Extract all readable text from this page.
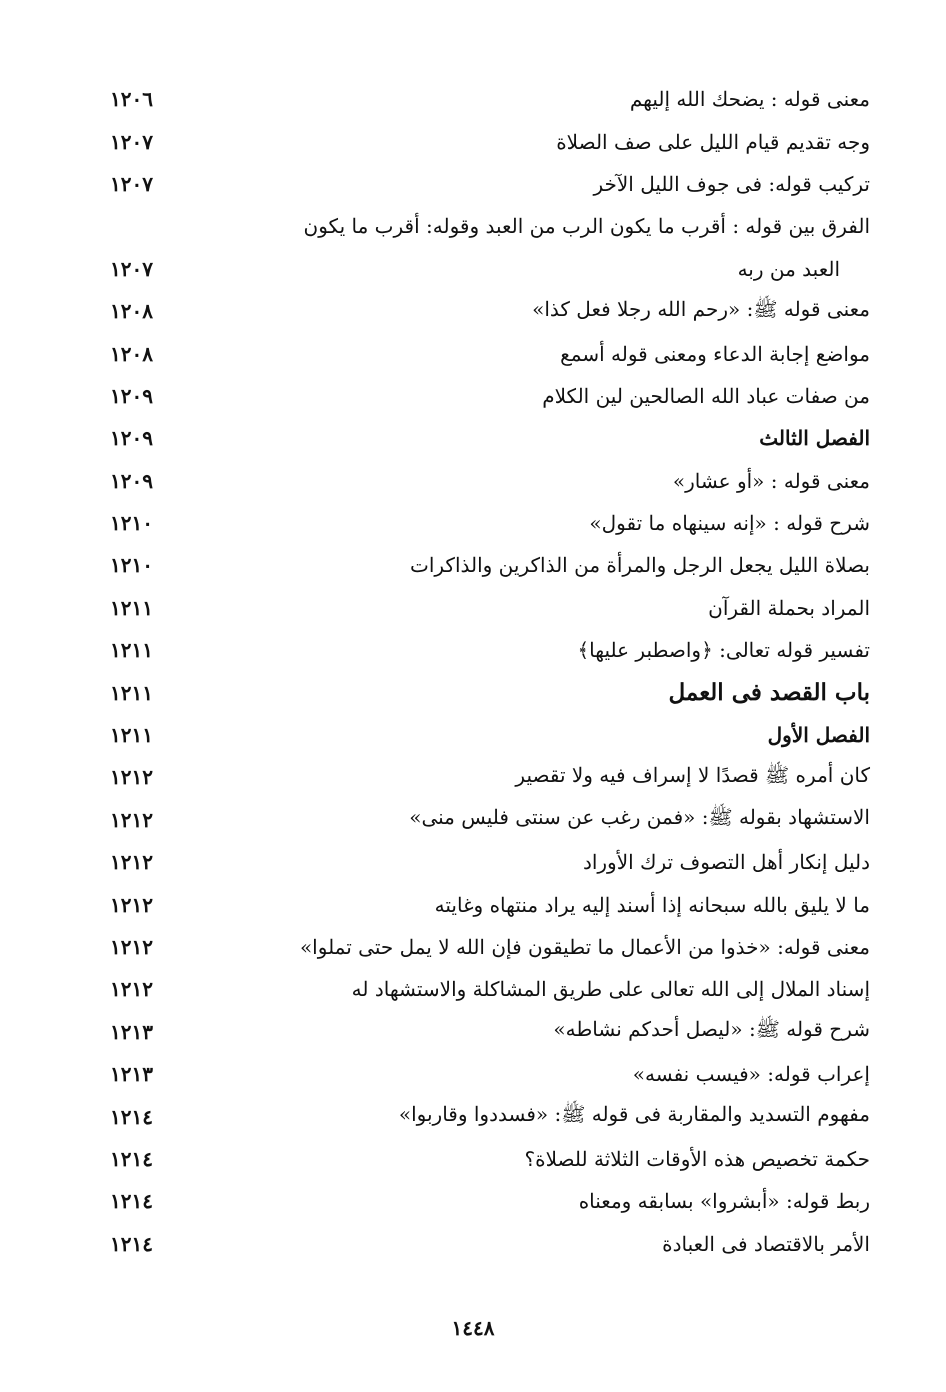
معنى قوله : يضحك الله إليهم
١٢٠٦
وجه تقديم قيام الليل على صف الصلاة
١٢٠٧
تركيب قوله: فى جوف الليل الآخر
١٢٠٧
الفرق بين قوله : أقرب ما يكون الرب من العبد وقوله: أقرب ما يكون
العبد من ربه
١٢٠٧
معنى قوله ﷺ: «رحم الله رجلا فعل كذا»
١٢٠٨
مواضع إجابة الدعاء ومعنى قوله أسمع
١٢٠٨
من صفات عباد الله الصالحين لين الكلام
١٢٠٩
الفصل الثالث
١٢٠٩
معنى قوله : «أو عشار»
١٢٠٩
شرح قوله : «إنه سينهاه ما تقول»
١٢١٠
بصلاة الليل يجعل الرجل والمرأة من الذاكرين والذاكرات
١٢١٠
المراد بحملة القرآن
١٢١١
تفسير قوله تعالى: ﴿واصطبر عليها﴾
١٢١١
باب القصد فى العمل
١٢١١
الفصل الأول
١٢١١
كان أمره ﷺ قصدًا لا إسراف فيه ولا تقصير
١٢١٢
الاستشهاد بقوله ﷺ: «فمن رغب عن سنتى فليس منى»
١٢١٢
دليل إنكار أهل التصوف ترك الأوراد
١٢١٢
ما لا يليق بالله سبحانه إذا أسند إليه يراد منتهاه وغايته
١٢١٢
معنى قوله: «خذوا من الأعمال ما تطيقون فإن الله لا يمل حتى تملوا»
١٢١٢
إسناد الملال إلى الله تعالى على طريق المشاكلة والاستشهاد له
١٢١٢
شرح قوله ﷺ: «ليصل أحدكم نشاطه»
١٢١٣
إعراب قوله: «فيسب نفسه»
١٢١٣
مفهوم التسديد والمقاربة فى قوله ﷺ: «فسددوا وقاربوا»
١٢١٤
حكمة تخصيص هذه الأوقات الثلاثة للصلاة؟
١٢١٤
ربط قوله: «أبشروا» بسابقه ومعناه
١٢١٤
الأمر بالاقتصاد فى العبادة
١٢١٤
١٤٤٨
